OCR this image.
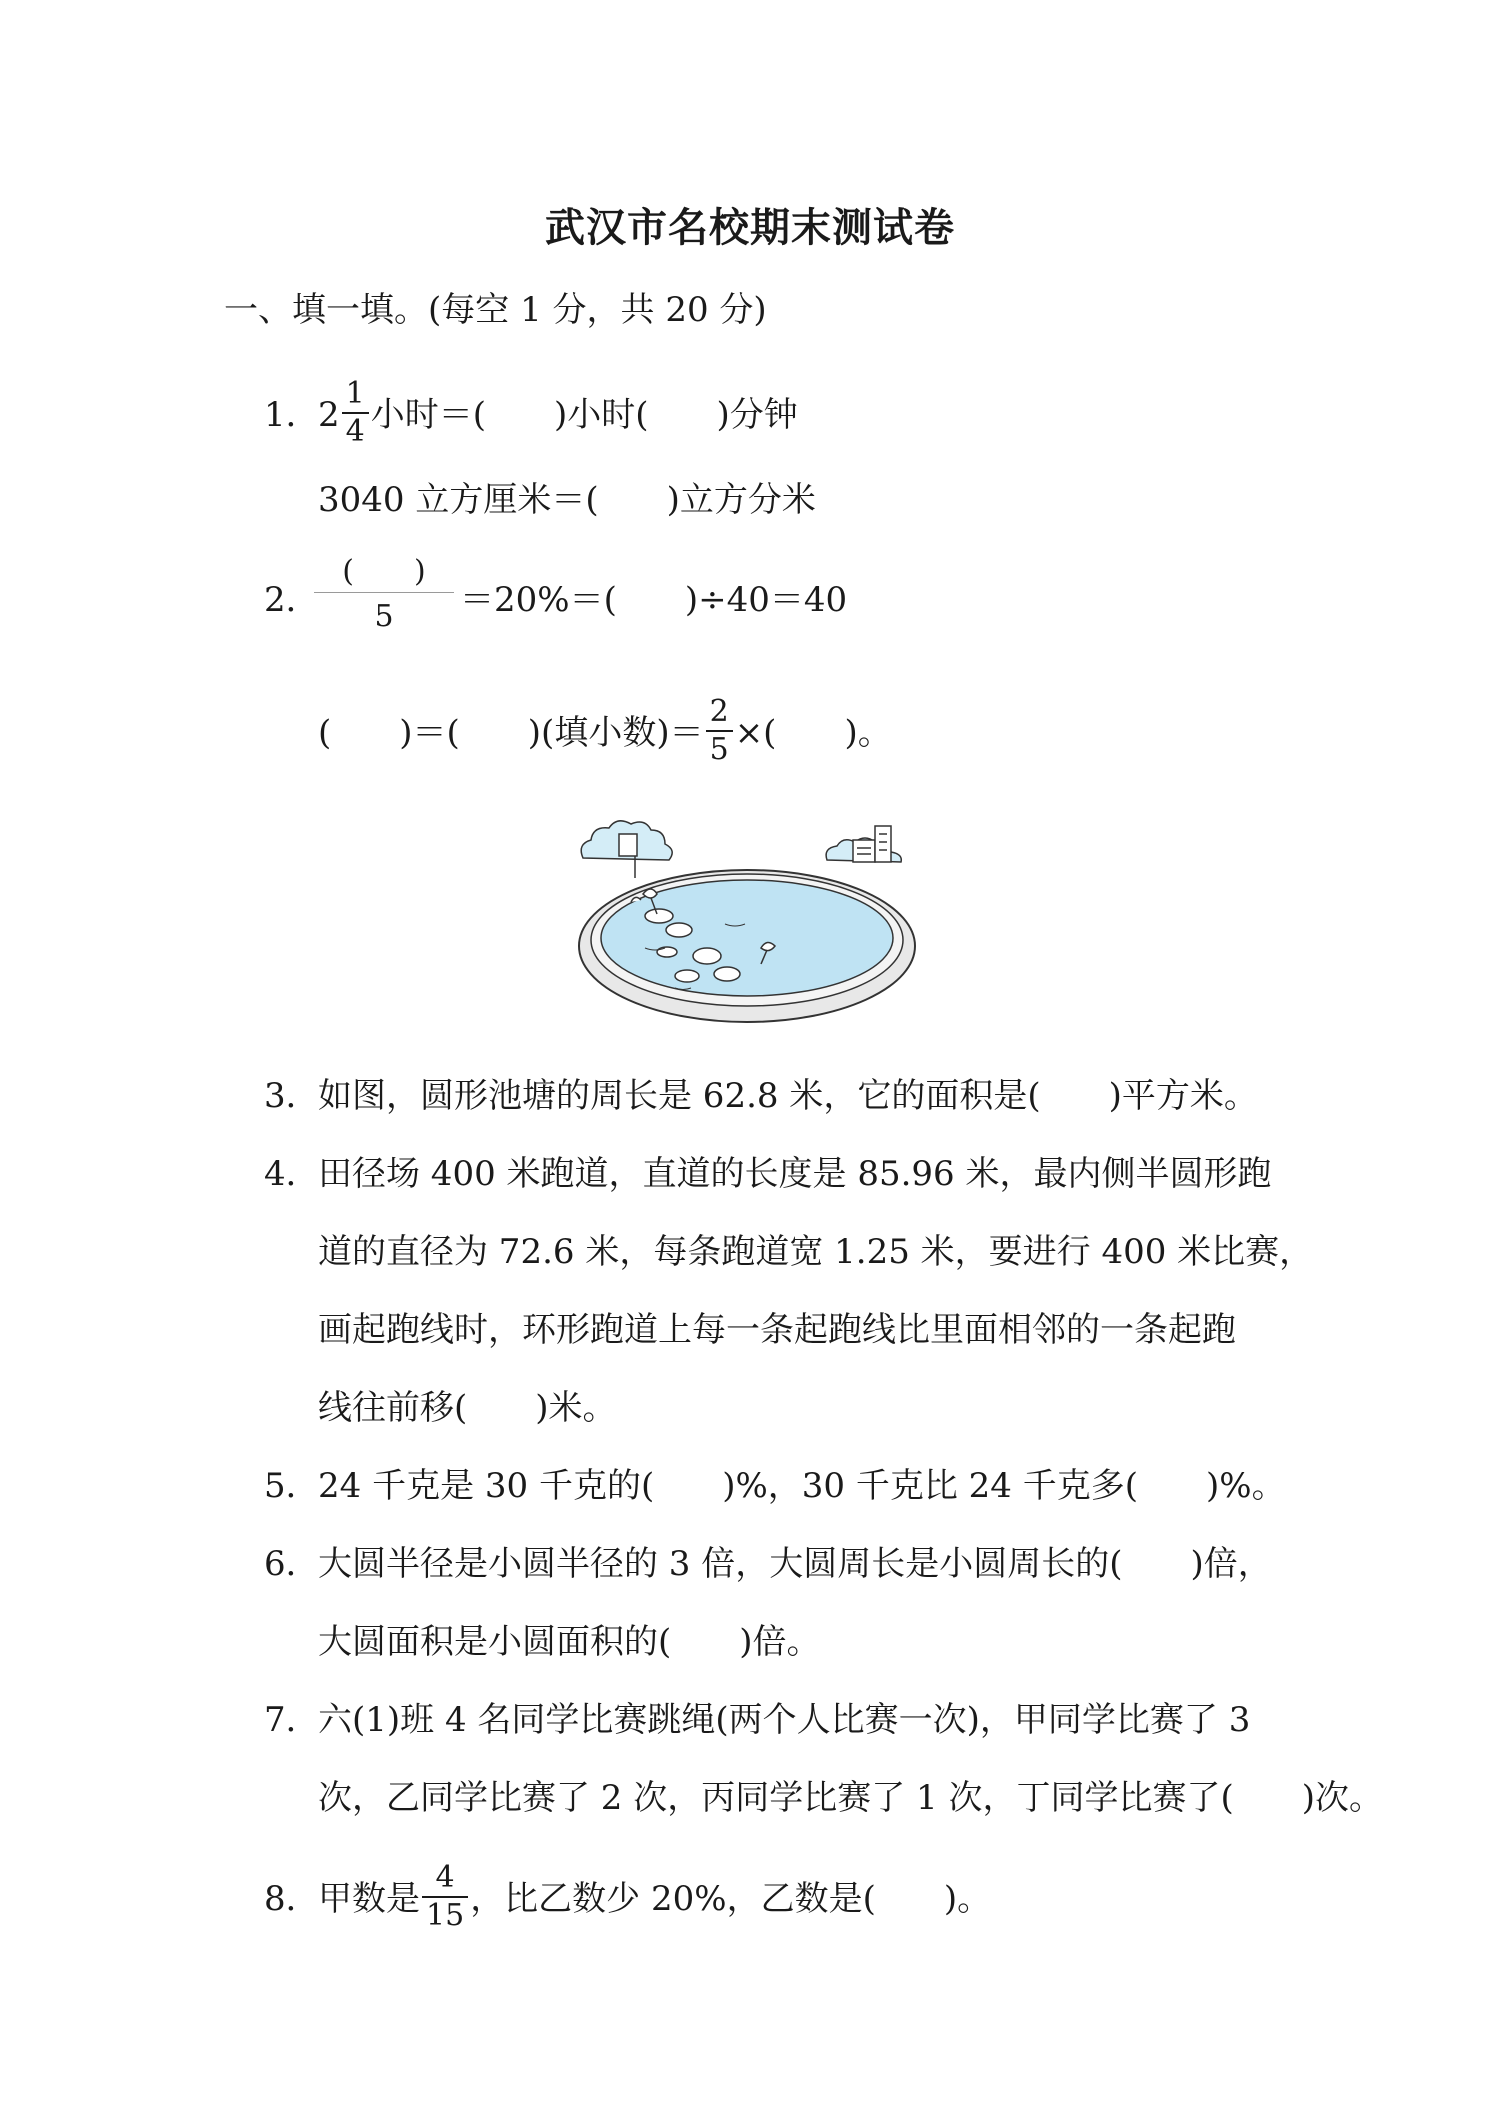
武汉市名校期末测试卷
一、填一填。(每空 1 分，共 20 分)
1．$2 \frac{1}{4}$ 小时＝(　　)小时(　　)分钟
3040 立方厘米＝(　　)立方分米
2．
(　　)
5	＝20%＝(　　)÷40＝40
(　　)＝(　　)(填小数)＝ $\frac{2}{5}$ ×(　　)。
3．如图，圆形池塘的周长是 62.8 米，它的面积是(　　)平方米。
4．田径场 400 米跑道，直道的长度是 85.96 米，最内侧半圆形跑
道的直径为 72.6 米，每条跑道宽 1.25 米，要进行 400 米比赛，
画起跑线时，环形跑道上每一条起跑线比里面相邻的一条起跑
线往前移(　　)米。
5．24 千克是 30 千克的(　　)%，30 千克比 24 千克多(　　)%。
6．大圆半径是小圆半径的 3 倍，大圆周长是小圆周长的(　　)倍，
大圆面积是小圆面积的(　　)倍。
7．六(1)班 4 名同学比赛跳绳(两个人比赛一次)，甲同学比赛了 3
次，乙同学比赛了 2 次，丙同学比赛了 1 次，丁同学比赛了(　　)次。
8．甲数是 $\frac{4}{15}$ ，比乙数少 20%，乙数是(　　)。
